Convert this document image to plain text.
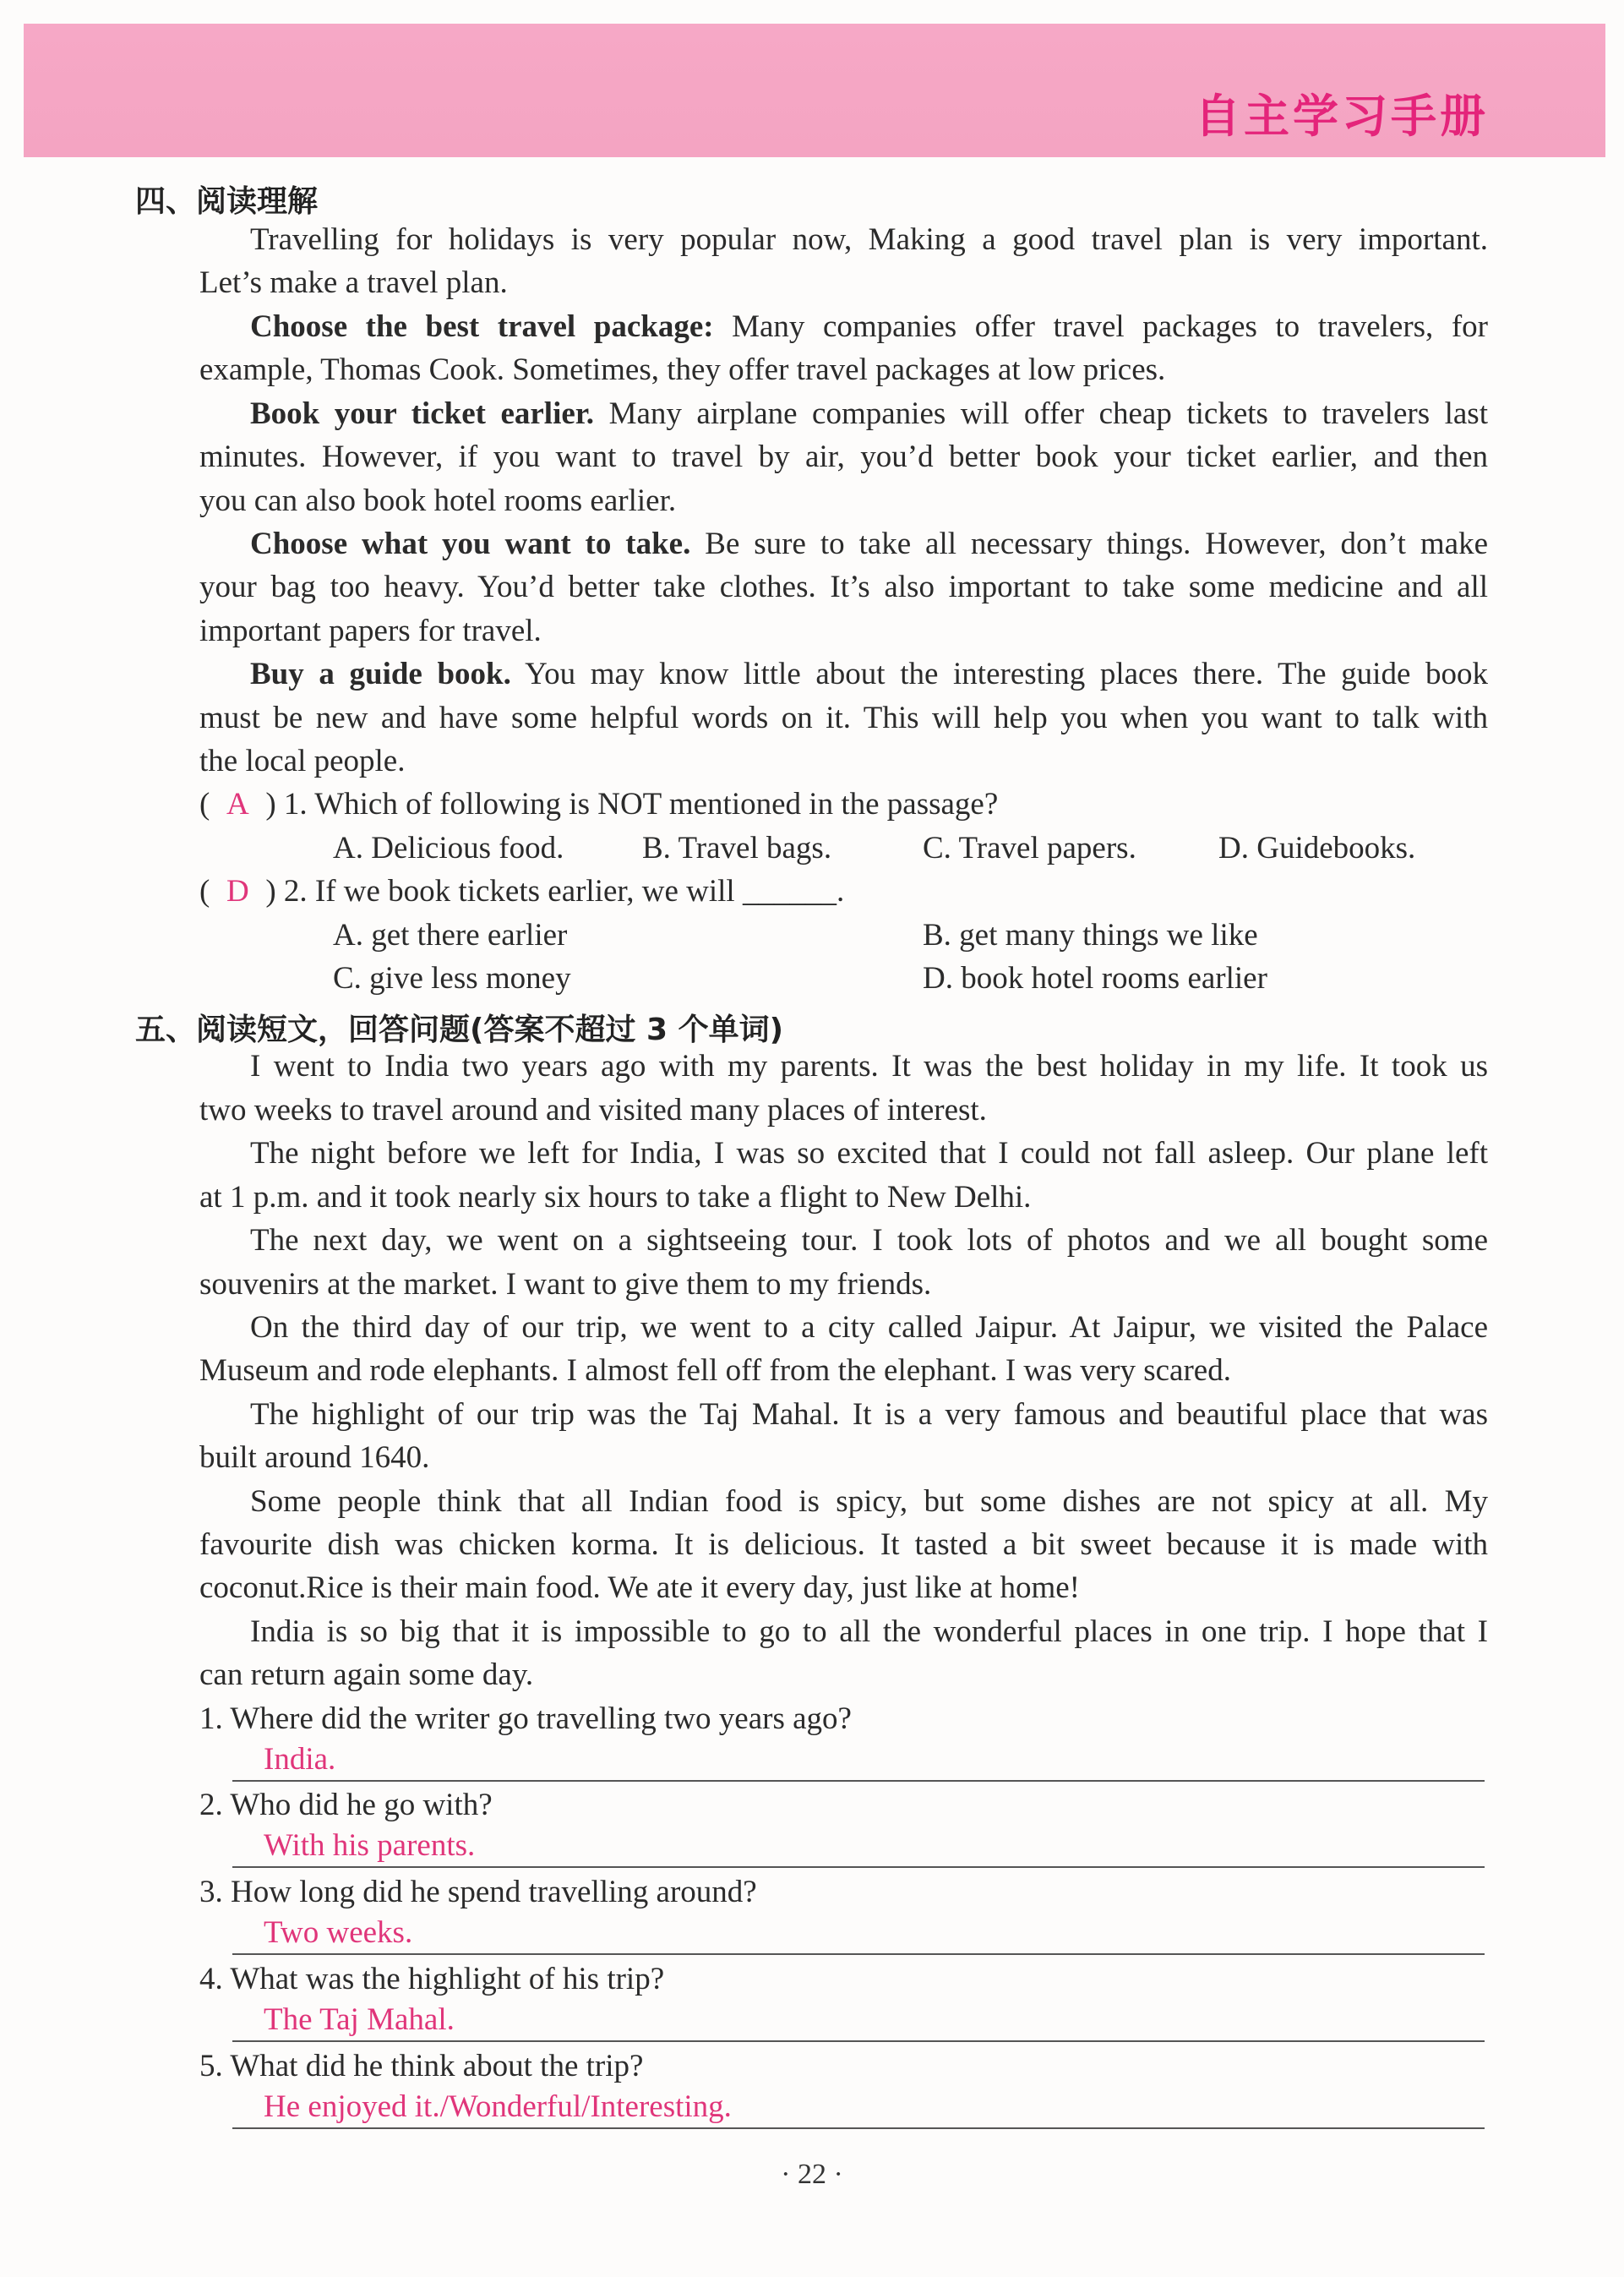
自主学习手册
四、阅读理解
Travelling for holidays is very popular now, Making a good travel plan is very important.
Let’s make a travel plan.
Choose the best travel package: Many companies offer travel packages to travelers, for
example, Thomas Cook. Sometimes, they offer travel packages at low prices.
Book your ticket earlier. Many airplane companies will offer cheap tickets to travelers last
minutes. However, if you want to travel by air, you’d better book your ticket earlier, and then
you can also book hotel rooms earlier.
Choose what you want to take. Be sure to take all necessary things. However, don’t make
your bag too heavy. You’d better take clothes. It’s also important to take some medicine and all
important papers for travel.
Buy a guide book. You may know little about the interesting places there. The guide book
must be new and have some helpful words on it. This will help you when you want to talk with
the local people.
( A ) 1. Which of following is NOT mentioned in the passage?
A. Delicious food.	B. Travel bags.	C. Travel papers.	D. Guidebooks.
( D ) 2. If we book tickets earlier, we will ______.
A. get there earlier	B. get many things we like
C. give less money	D. book hotel rooms earlier
五、阅读短文，回答问题(答案不超过 3 个单词)
I went to India two years ago with my parents. It was the best holiday in my life. It took us
two weeks to travel around and visited many places of interest.
The night before we left for India, I was so excited that I could not fall asleep. Our plane left
at 1 p.m. and it took nearly six hours to take a flight to New Delhi.
The next day, we went on a sightseeing tour. I took lots of photos and we all bought some
souvenirs at the market. I want to give them to my friends.
On the third day of our trip, we went to a city called Jaipur. At Jaipur, we visited the Palace
Museum and rode elephants. I almost fell off from the elephant. I was very scared.
The highlight of our trip was the Taj Mahal. It is a very famous and beautiful place that was
built around 1640.
Some people think that all Indian food is spicy, but some dishes are not spicy at all. My
favourite dish was chicken korma. It is delicious. It tasted a bit sweet because it is made with
coconut.Rice is their main food. We ate it every day, just like at home!
India is so big that it is impossible to go to all the wonderful places in one trip. I hope that I
can return again some day.
1. Where did the writer go travelling two years ago?
India.
2. Who did he go with?
With his parents.
3. How long did he spend travelling around?
Two weeks.
4. What was the highlight of his trip?
The Taj Mahal.
5. What did he think about the trip?
He enjoyed it./Wonderful/Interesting.
· 22 ·
